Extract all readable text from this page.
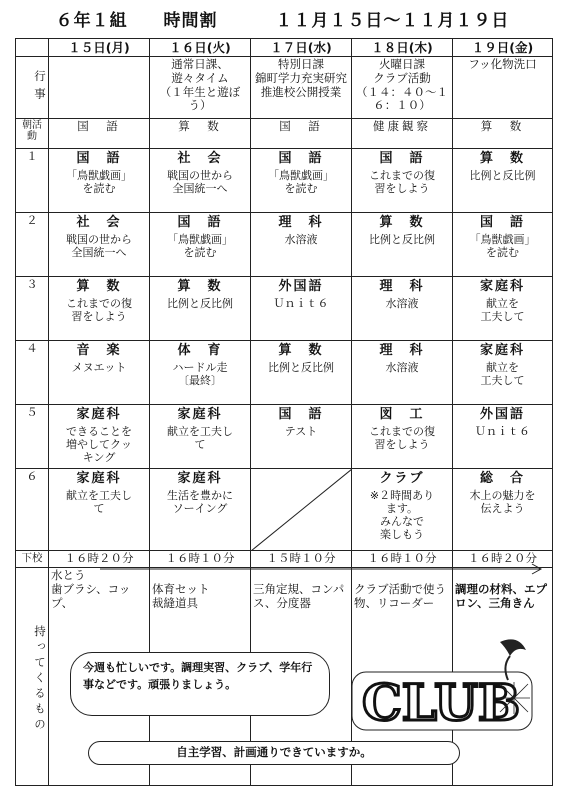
６年１組 時間割	１１月１５日～１１月１９日
	１５日(月)	１６日(火)	１７日(水)	１８日(木)	１９日(金)
行事		通常日課、
遊々タイム
（１年生と遊ぼう）	特別日課
錦町学力充実研究推進校公開授業	火曜日課
クラブ活動
（１４：４０～１６：１０）	フッ化物洗口
朝活動	国　語	算　数	国　語	健康観察	算　数
１	国　語
「鳥獣戯画」
を読む	社　会
戦国の世から
全国統一へ	国　語
「鳥獣戯画」
を読む	国　語
これまでの復
習をしよう	算　数
比例と反比例

２	社　会
戦国の世から
全国統一へ	国　語
「鳥獣戯画」
を読む	理　科
水溶液	算　数
比例と反比例	国　語
「鳥獣戯画」
を読む

３	算　数
これまでの復
習をしよう	算　数
比例と反比例	外国語
Ｕｎｉｔ６	理　科
水溶液	家庭科
献立を
工夫して

４	音　楽
メヌエット	体　育
ハードル走
〔最終〕	算　数
比例と反比例	理　科
水溶液	家庭科
献立を
工夫して

５	家庭科
できることを
増やしてクッ
キング	家庭科
献立を工夫し
て	国　語
テスト	図　工
これまでの復
習をしよう	外国語
Ｕｎｉｔ６

６	家庭科
献立を工夫し
て	家庭科
生活を豊かに
ソーイング		クラブ
※２時間あり
ます。
みんなで
楽しもう	総　合
木上の魅力を
伝えよう

下校	１６時２０分	１６時１０分	１５時１０分	１６時１０分	１６時２０分
持ってくるもの	水とう
歯ブラシ、コップ、	
体育セット
裁縫道具	
三角定規、コンパス、分度器	
クラブ活動で使う物、リコーダー	
調理の材料、エプロン、三角きん
今週も忙しいです。調理実習、クラブ、学年行事などです。頑張りましょう。	CLUB
自主学習、計画通りできていますか。
